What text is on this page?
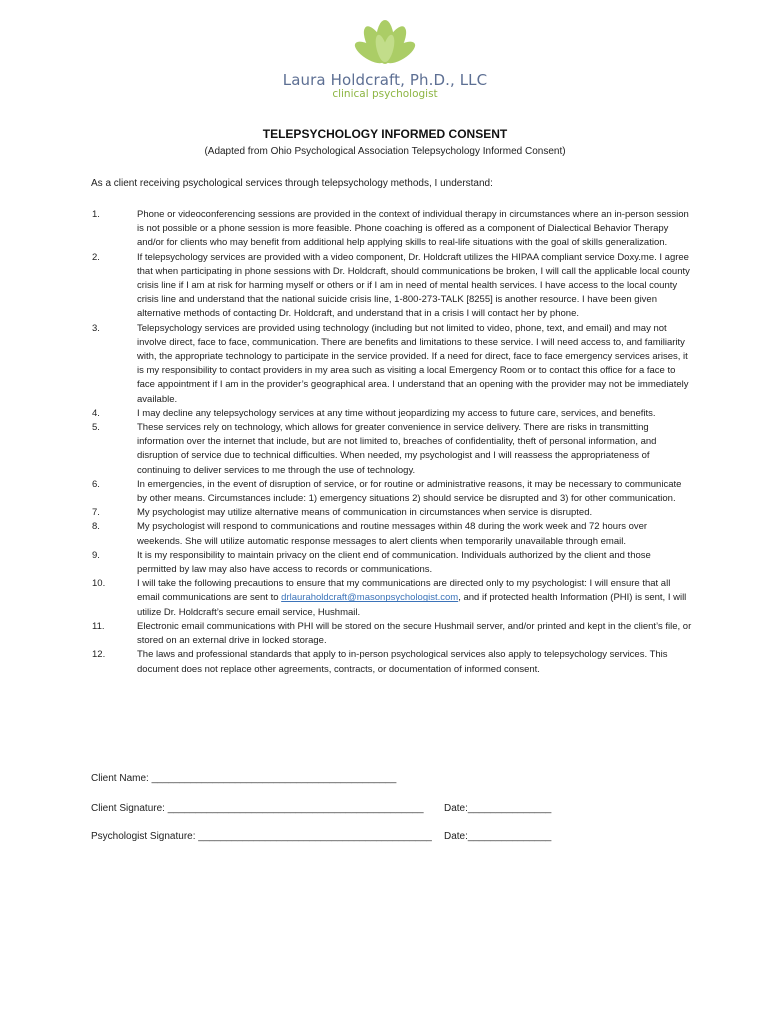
Laura Holdcraft, Ph.D., LLC
clinical psychologist
TELEPSYCHOLOGY INFORMED CONSENT
(Adapted from Ohio Psychological Association Telepsychology Informed Consent)
As a client receiving psychological services through telepsychology methods, I understand:
1.	Phone or videoconferencing sessions are provided in the context of individual therapy in circumstances where an in-person session is not possible or a phone session is more feasible. Phone coaching is offered as a component of Dialectical Behavior Therapy and/or for clients who may benefit from additional help applying skills to real-life situations with the goal of skills generalization.
2.	If telepsychology services are provided with a video component, Dr. Holdcraft utilizes the HIPAA compliant service Doxy.me. I agree that when participating in phone sessions with Dr. Holdcraft, should communications be broken, I will call the applicable local county crisis line if I am at risk for harming myself or others or if I am in need of mental health services. I have access to the local county crisis line and understand that the national suicide crisis line, 1-800-273-TALK [8255] is another resource. I have been given alternative methods of contacting Dr. Holdcraft, and understand that in a crisis I will contact her by phone.
3.	Telepsychology services are provided using technology (including but not limited to video, phone, text, and email) and may not involve direct, face to face, communication. There are benefits and limitations to these service. I will need access to, and familiarity with, the appropriate technology to participate in the service provided. If a need for direct, face to face emergency services arises, it is my responsibility to contact providers in my area such as visiting a local Emergency Room or to contact this office for a face to face appointment if I am in the provider’s geographical area. I understand that an opening with the provider may not be immediately available.
4.	I may decline any telepsychology services at any time without jeopardizing my access to future care, services, and benefits.
5.	These services rely on technology, which allows for greater convenience in service delivery. There are risks in transmitting information over the internet that include, but are not limited to, breaches of confidentiality, theft of personal information, and disruption of service due to technical difficulties. When needed, my psychologist and I will reassess the appropriateness of continuing to deliver services to me through the use of technology.
6.	In emergencies, in the event of disruption of service, or for routine or administrative reasons, it may be necessary to communicate by other means. Circumstances include: 1) emergency situations 2) should service be disrupted and 3) for other communication.
7.	My psychologist may utilize alternative means of communication in circumstances when service is disrupted.
8.	My psychologist will respond to communications and routine messages within 48 during the work week and 72 hours over weekends. She will utilize automatic response messages to alert clients when temporarily unavailable through email.
9.	It is my responsibility to maintain privacy on the client end of communication. Individuals authorized by the client and those permitted by law may also have access to records or communications.
10.	I will take the following precautions to ensure that my communications are directed only to my psychologist: I will ensure that all email communications are sent to drlauraholdcraft@masonpsychologist.com, and if protected health Information (PHI) is sent, I will utilize Dr. Holdcraft’s secure email service, Hushmail.
11.	Electronic email communications with PHI will be stored on the secure Hushmail server, and/or printed and kept in the client’s file, or stored on an external drive in locked storage.
12.	The laws and professional standards that apply to in-person psychological services also apply to telepsychology services. This document does not replace other agreements, contracts, or documentation of informed consent.
Client Name: ____________________________________________
Client Signature: ______________________________________________ Date:_______________
Psychologist Signature: __________________________________________ Date:_______________
